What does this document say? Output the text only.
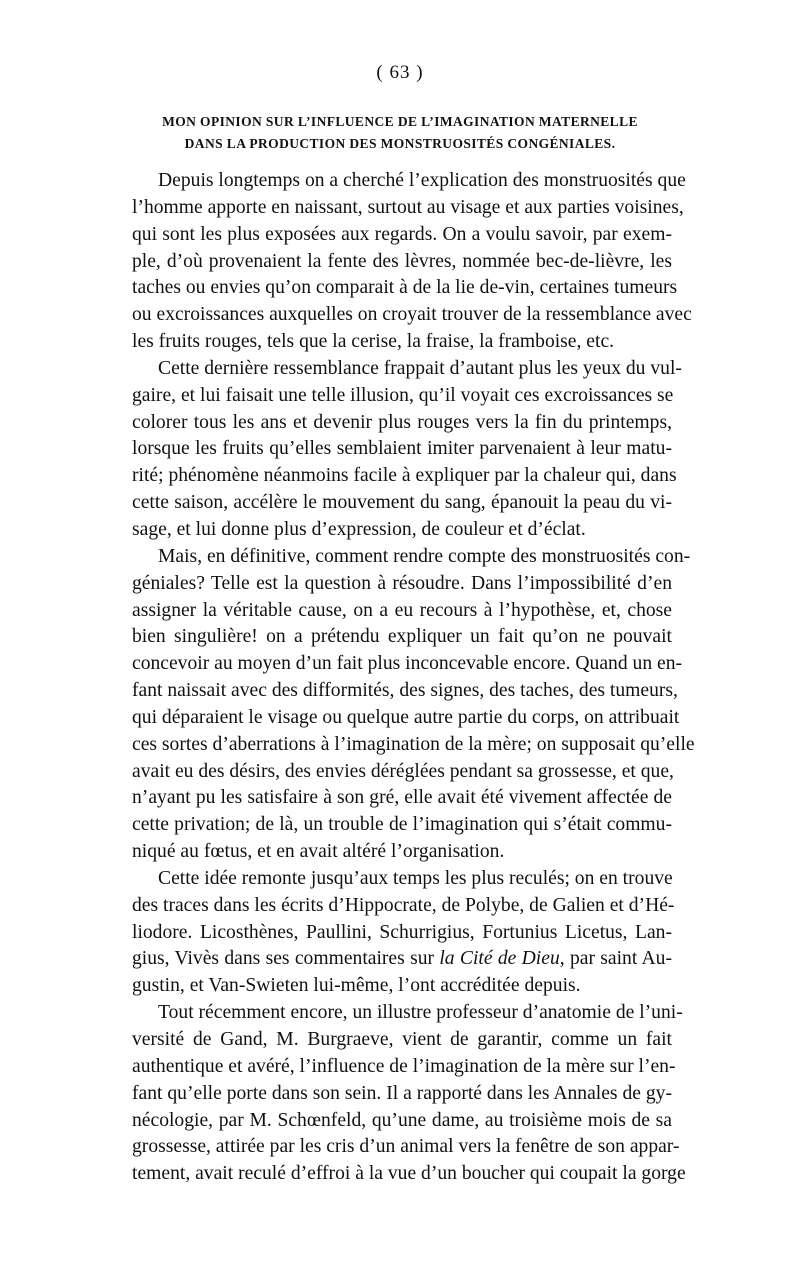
( 63 )
MON OPINION SUR L’INFLUENCE DE L’IMAGINATION MATERNELLE
DANS LA PRODUCTION DES MONSTRUOSITÉS CONGÉNIALES.

Depuis longtemps on a cherché l’explication des monstruosités que
l’homme apporte en naissant, surtout au visage et aux parties voisines,
qui sont les plus exposées aux regards. On a voulu savoir, par exem-
ple, d’où provenaient la fente des lèvres, nommée bec-de-lièvre, les
taches ou envies qu’on comparait à de la lie de-vin, certaines tumeurs
ou excroissances auxquelles on croyait trouver de la ressemblance avec
les fruits rouges, tels que la cerise, la fraise, la framboise, etc.

Cette dernière ressemblance frappait d’autant plus les yeux du vul-
gaire, et lui faisait une telle illusion, qu’il voyait ces excroissances se
colorer tous les ans et devenir plus rouges vers la fin du printemps,
lorsque les fruits qu’elles semblaient imiter parvenaient à leur matu-
rité; phénomène néanmoins facile à expliquer par la chaleur qui, dans
cette saison, accélère le mouvement du sang, épanouit la peau du vi-
sage, et lui donne plus d’expression, de couleur et d’éclat.

Mais, en définitive, comment rendre compte des monstruosités con-
géniales? Telle est la question à résoudre. Dans l’impossibilité d’en
assigner la véritable cause, on a eu recours à l’hypothèse, et, chose
bien singulière! on a prétendu expliquer un fait qu’on ne pouvait
concevoir au moyen d’un fait plus inconcevable encore. Quand un en-
fant naissait avec des difformités, des signes, des taches, des tumeurs,
qui déparaient le visage ou quelque autre partie du corps, on attribuait
ces sortes d’aberrations à l’imagination de la mère; on supposait qu’elle
avait eu des désirs, des envies déréglées pendant sa grossesse, et que,
n’ayant pu les satisfaire à son gré, elle avait été vivement affectée de
cette privation; de là, un trouble de l’imagination qui s’était commu-
niqué au fœtus, et en avait altéré l’organisation.

Cette idée remonte jusqu’aux temps les plus reculés; on en trouve
des traces dans les écrits d’Hippocrate, de Polybe, de Galien et d’Hé-
liodore. Licosthènes, Paullini, Schurrigius, Fortunius Licetus, Lan-
gius, Vivès dans ses commentaires sur la Cité de Dieu, par saint Au-
gustin, et Van-Swieten lui-même, l’ont accréditée depuis.

Tout récemment encore, un illustre professeur d’anatomie de l’uni-
versité de Gand, M. Burgraeve, vient de garantir, comme un fait
authentique et avéré, l’influence de l’imagination de la mère sur l’en-
fant qu’elle porte dans son sein. Il a rapporté dans les Annales de gy-
nécologie, par M. Schœnfeld, qu’une dame, au troisième mois de sa
grossesse, attirée par les cris d’un animal vers la fenêtre de son appar-
tement, avait reculé d’effroi à la vue d’un boucher qui coupait la gorge
